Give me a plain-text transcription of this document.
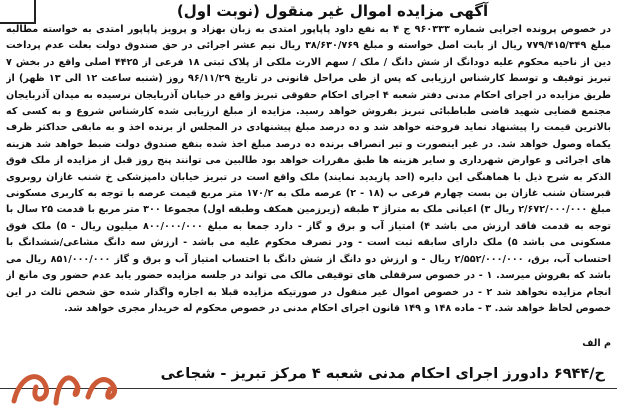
آگهی مزایده اموال غیر منقول (نوبت اول)

در خصوص پرونده اجرایی شماره ۹۶۰۳۳۳ ج ۴ به نفع داود پاپاپور امتدی به زبان بهزاد و پرویز پاپاپور امتدی به خواسته مطالبه مبلغ ۷۷۹/۴۱۵/۳۴۹ ریال از بابت اصل خواسته و مبلغ ۳۸/۶۳۰/۷۶۹ ریال نیم عشر اجرائی در حق صندوق دولت بعلت عدم پرداخت دین از ناحیه محکوم علیه دودانگ از شش دانگ / ملک / سهم الارث ملکی از پلاک ثبتی ۱۸ فرعی از ۴۴۲۵ اصلی واقع در بخش ۷ تبریز توقیف و توسط کارشناس ارزیابی که پس از طی مراحل قانونی در تاریخ ۹۶/۱۱/۲۹ روز (شنبه ساعت ۱۲ الی ۱۳ ظهر) از طریق مزایده در اجرای احکام مدنی دفتر شعبه ۴ اجرای احکام حقوقی تبریز واقع در خیابان آذربایجان نرسیده به میدان آذربایجان مجتمع قضایی شهید قاضی طباطبائی تبریز بفروش خواهد رسید. مزایده از مبلغ ارزیابی شده کارشناس شروع و به کسی که بالاترین قیمت را پیشنهاد نماید فروخته خواهد شد و ده درصد مبلغ پیشنهادی در المجلس از برنده اخذ و به مابقی حداکثر ظرف یکماه وصول خواهد شد. در غیر اینصورت و تیر انصراف برنده ده درصد مبلغ اخذ شده بنفع صندوق دولت ضبط خواهد شد هزینه های اجرائی و عوارض شهرداری و سایر هزینه ها طبق مقررات خواهد بود طالبین می توانند پنج روز قبل از مزایده از ملک فوق الذکر به شرح ذیل با هماهنگی این دایره (احد پازیدید نمایند) ملک واقع است در تبریز خیابان دامپزشکی خ شنب غازان روبروی قبرستان شنب غازان بن بست چهارم فرعی ب (۱۸ - ۲) عرصه ملک به ۱۷۰/۲ متر مربع قیمت عرصه با توجه به کاربری مسکونی مبلغ ۲/۶۷۲/۰۰۰/۰۰۰ ریال ۳) اعیانی ملک به متراژ ۳ طبقه (زیرزمین همکف وطبقه اول) مجموعا ۳۰۰ متر مربع با قدمت ۲۵ سال با توجه به قدمت فاقد ارزش می باشد ۴) امتیاز آب و برق و گاز - دارد جمعا به مبلغ ۸۰۰/۰۰۰/۰۰۰ میلیون ریال - ۵) ملک فوق مسکونی می باشد ۵) ملک دارای سابقه ثبت است - ودر تصرف محکوم علیه می باشد - ارزش سه دانگ مشاعی/ششدانگ با احتساب آب، برق، ۲/۵۵۲/۰۰۰/۰۰۰ ریال - و ارزش دو دانگ از شش دانگ با احتساب امتیاز آب و برق و گاز ۸۵۱/۰۰۰/۰۰۰ ریال می باشد که بفروش میرسد. ۱ - در خصوص سرقفلی های توقیفی مالک می تواند در جلسه مزایده حضور یابد عدم حضور وی مانع از انجام مزایده نخواهد شد ۲ - در خصوص اموال غیر منقول در صورتیکه مزایده قبلا به اجاره واگذار شده حق شخص ثالث در این خصوص لحاظ خواهد شد. ۳ - ماده ۱۴۸ و ۱۴۹ قانون اجرای احکام مدنی در خصوص محکوم له خریدار مجری خواهد شد.

م الف

ح/۶۹۴۴ دادورز اجرای احکام مدنی شعبه ۴ مرکز تبریز - شجاعی
